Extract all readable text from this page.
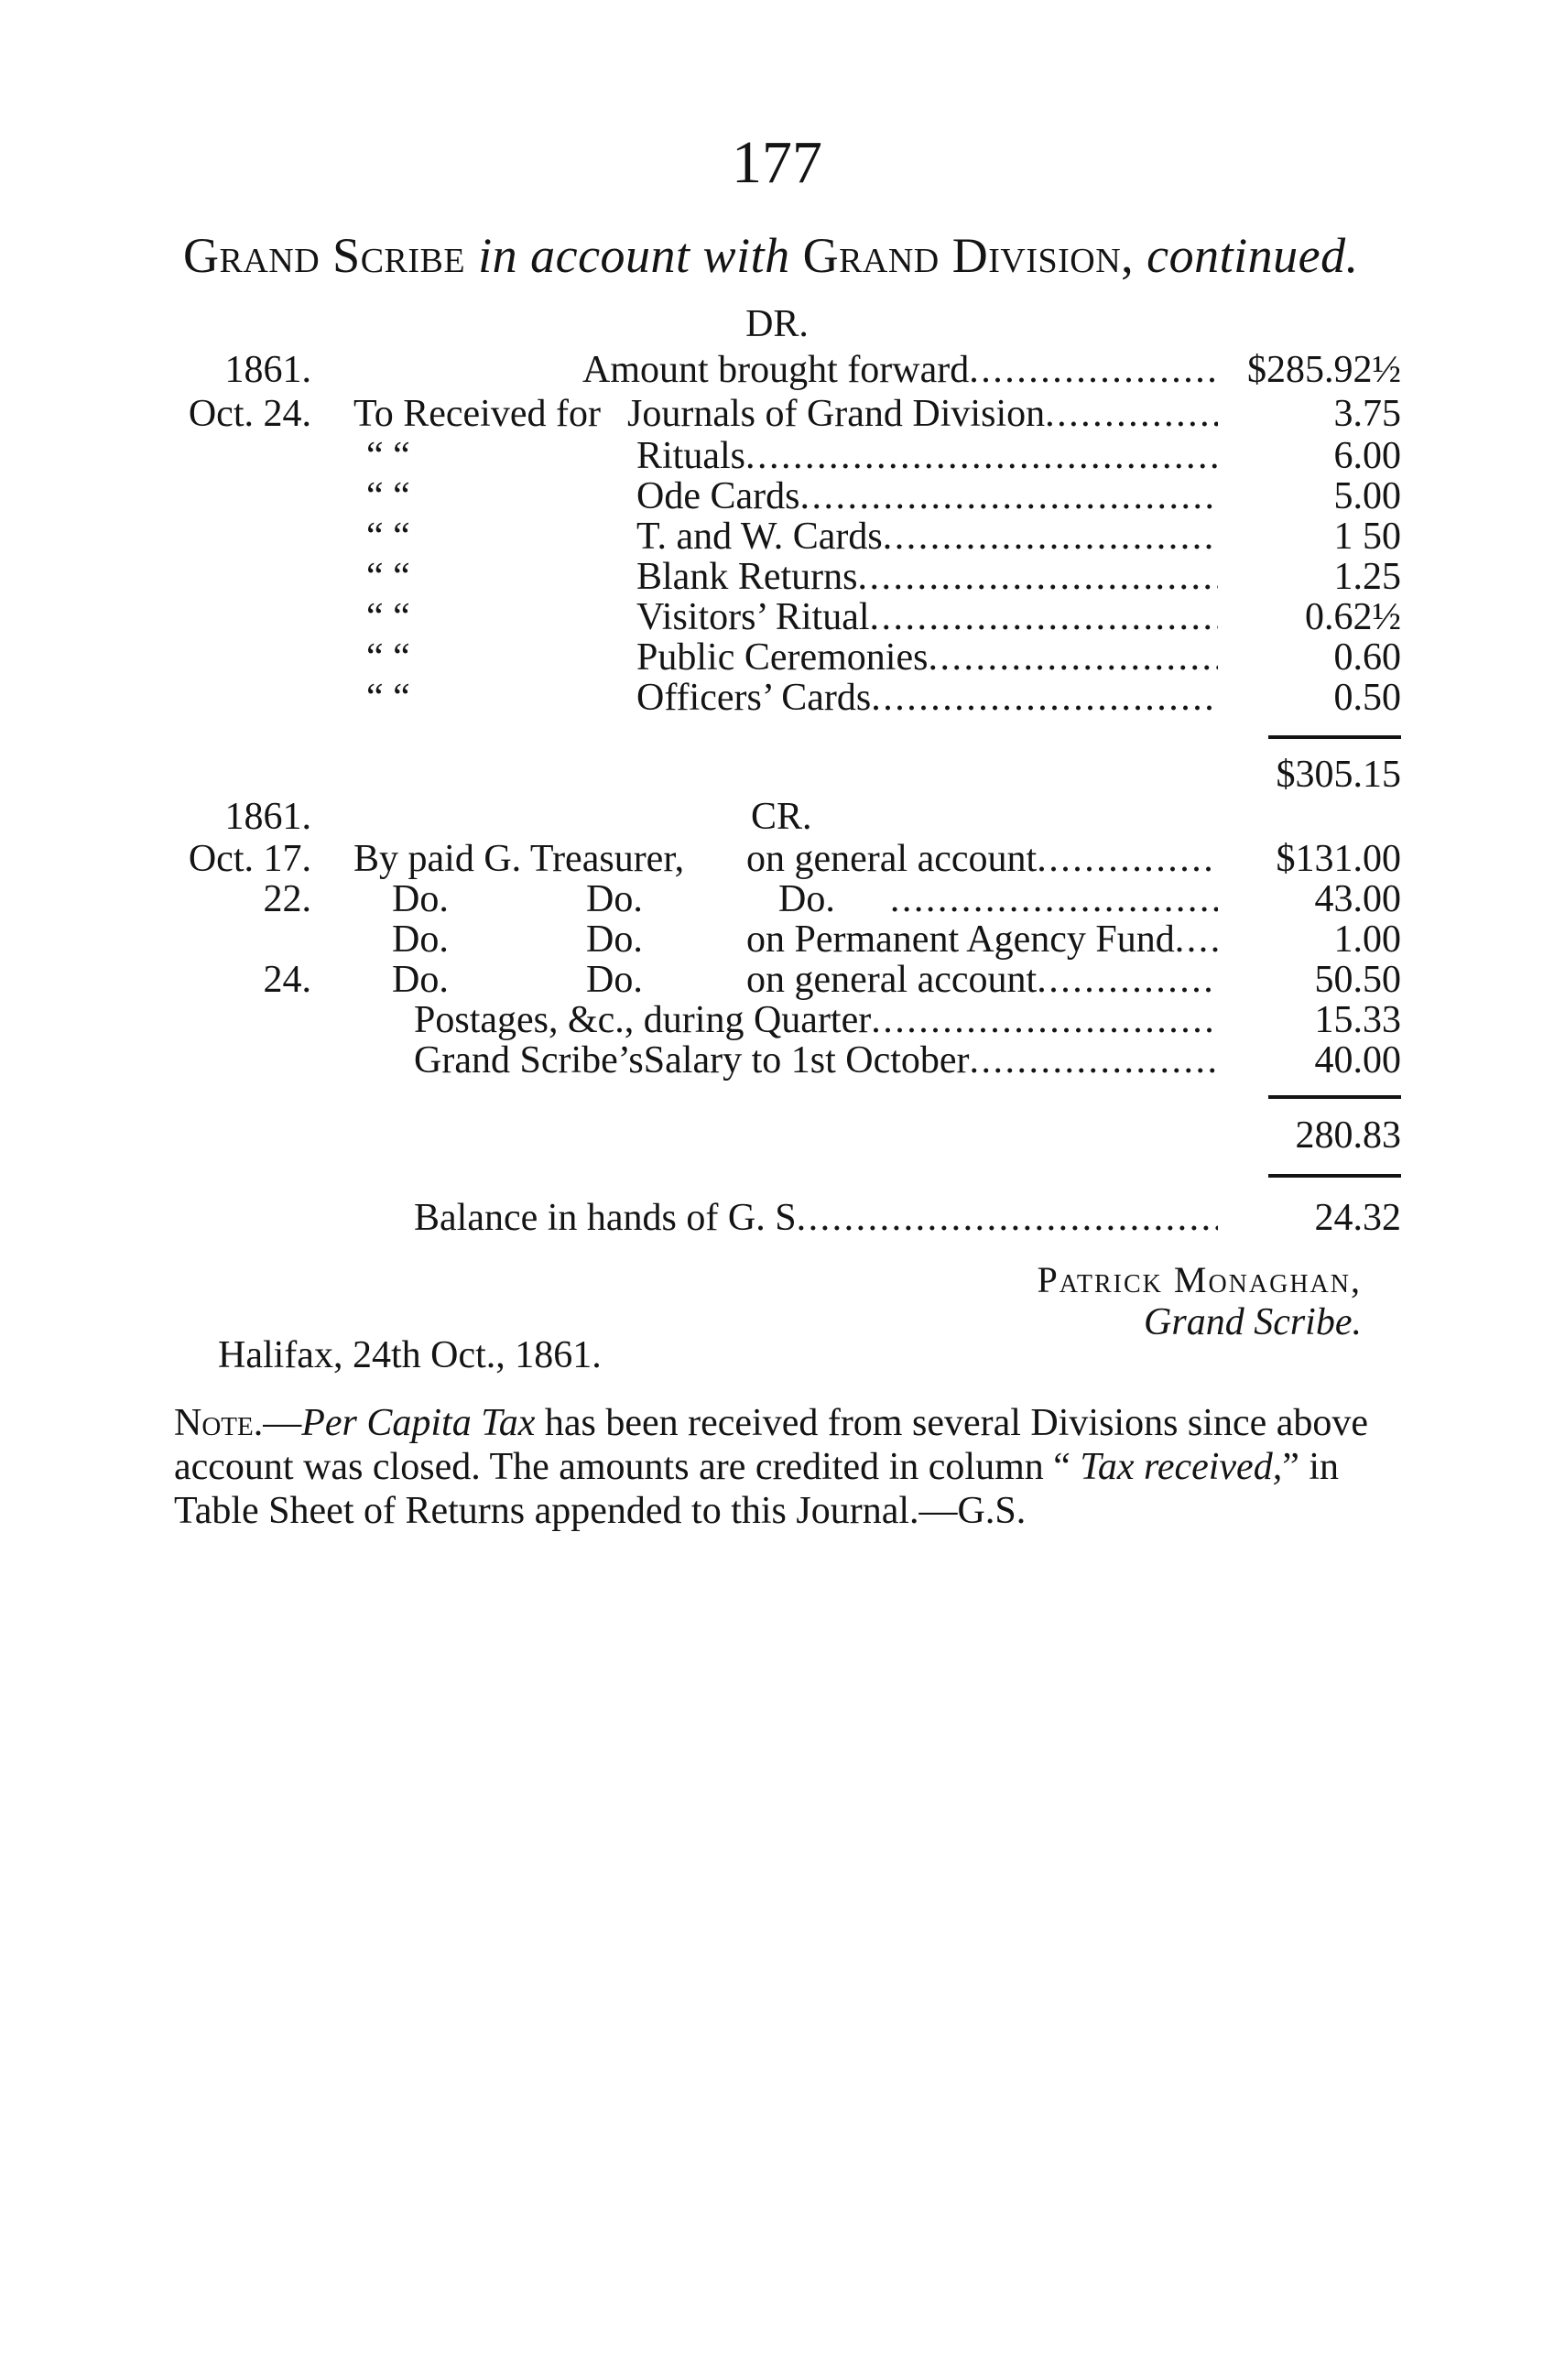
177
Grand Scribe in account with Grand Division, continued.
DR.
1861.	Amount brought forward . . .	$285.92½
Oct. 24. To Received for Journals of Grand Division . . .	3.75
“ “	Rituals . . .	6.00
“ “	Ode Cards . . .	5.00
“ “	T. and W. Cards . . .	1 50
“ “	Blank Returns . . .	1.25
“ “	Visitors’ Ritual . . .	0.62½
“ “	Public Ceremonies . . .	0.60
“ “	Officers’ Cards . . .	0.50
$305.15
1861.	CR.
Oct. 17. By paid G. Treasurer, on general account . . .	$131.00
22. Do.	Do.	Do. . . .	43.00
Do.	Do.	on Permanent Agency Fund . . .	1.00
24. Do.	Do.	on general account . . .	50.50
Postages, &c., during Quarter . . .	15.33
Grand Scribe’sSalary to 1st October . . .	40.00
280.83
Balance in hands of G. S . . .	24.32
Patrick Monaghan,
Grand Scribe.
Halifax, 24th Oct., 1861.
Note.—Per Capita Tax has been received from several Divisions since above account was closed. The amounts are credited in column “ Tax received,” in Table Sheet of Returns appended to this Journal.—G.S.
